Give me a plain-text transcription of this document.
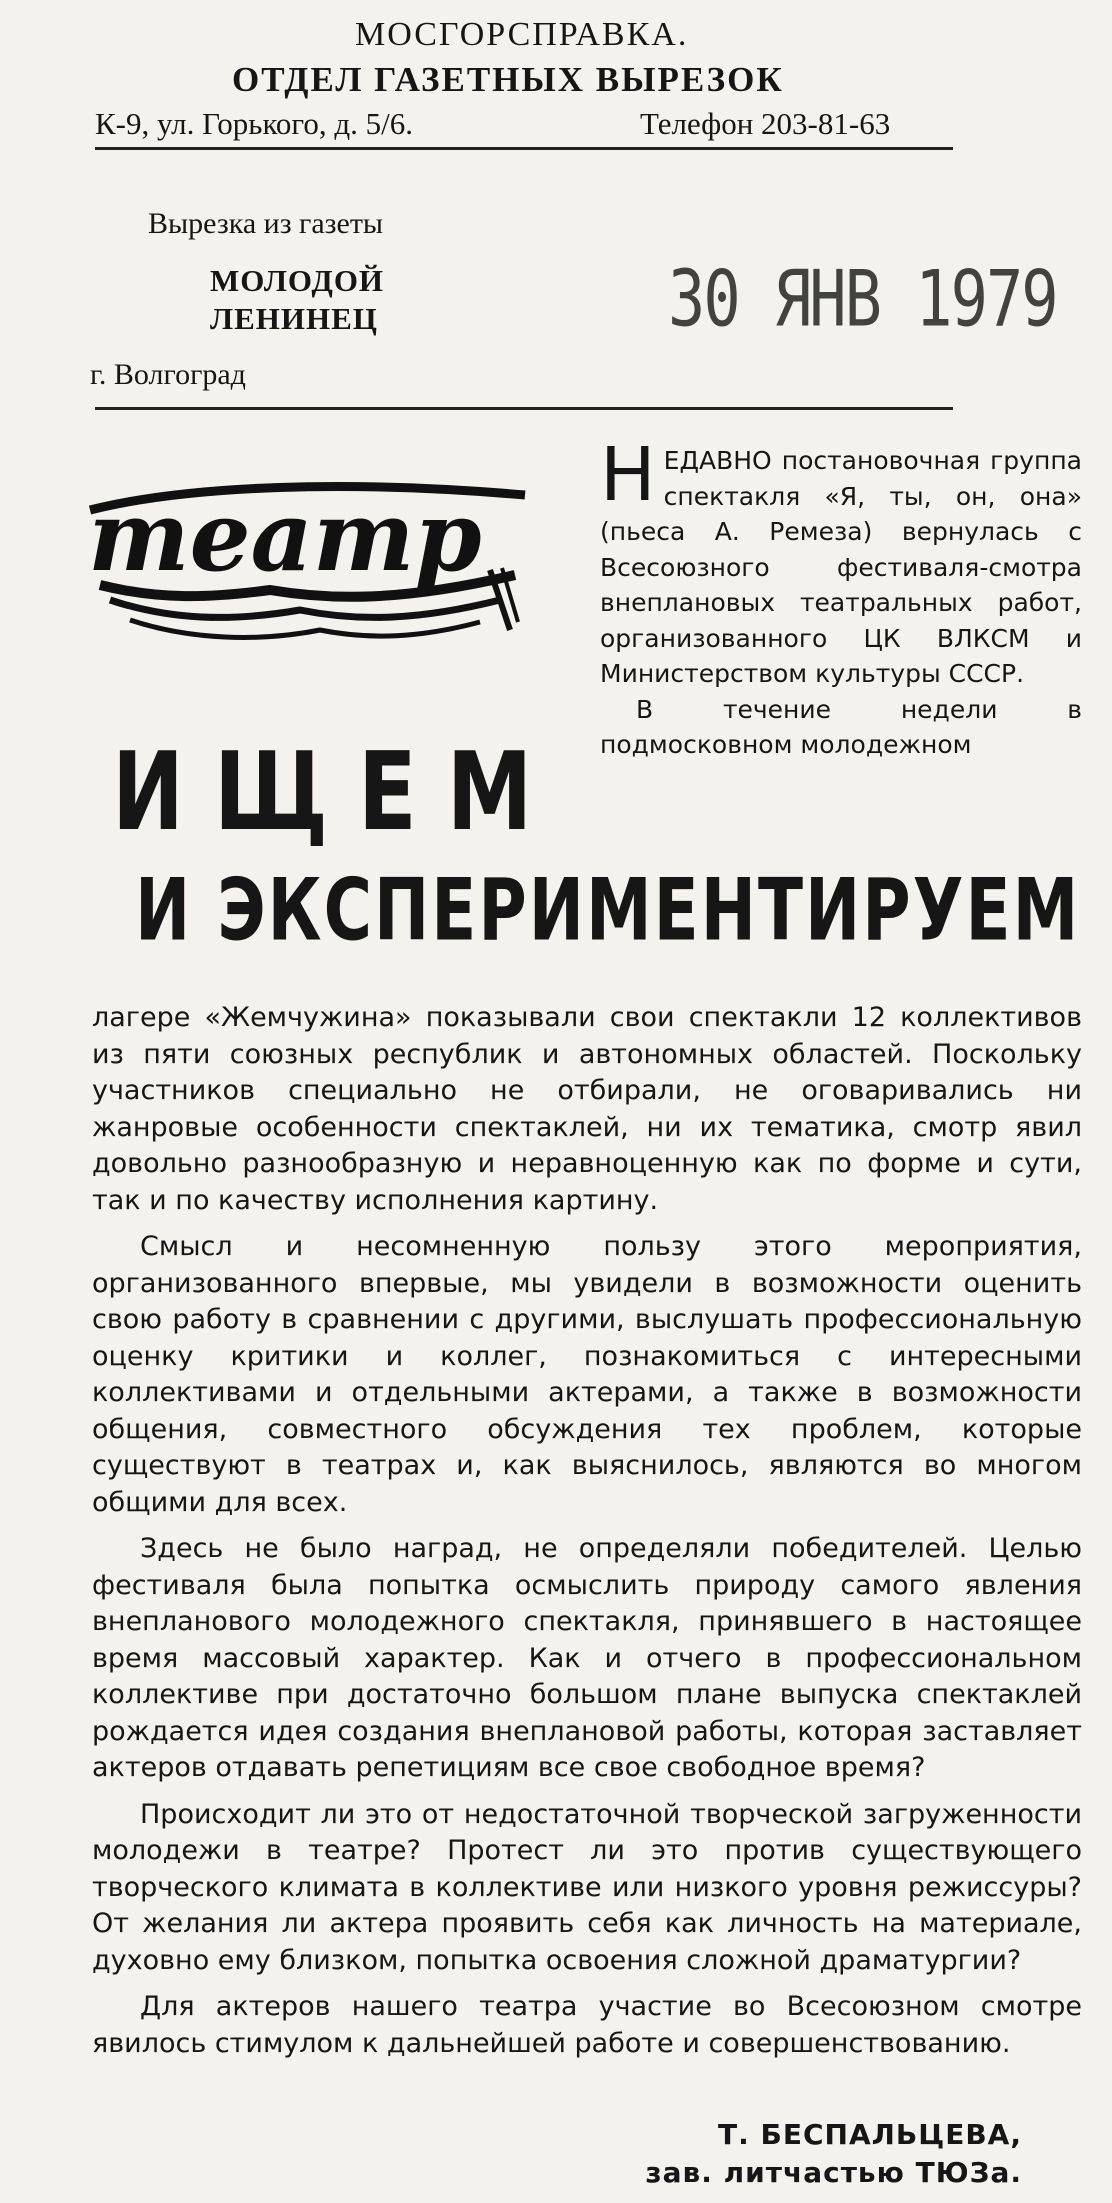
МОСГОРСПРАВКА.
ОТДЕЛ ГАЗЕТНЫХ ВЫРЕЗОК
К-9, ул. Горького, д. 5/6.	Телефон 203-81-63
Вырезка из газеты
МОЛОДОЙ
ЛЕНИНЕЦ
г. Волгоград
30 ЯНВ 1979
театр
ИЩЕМ
И ЭКСПЕРИМЕНТИРУЕМ

НЕДАВНО постановочная группа спектакля «Я, ты, он, она» (пьеса А. Ремеза) вернулась с Всесоюзного фестиваля-смотра внеплановых театральных работ, организованного ЦК ВЛКСМ и Министерством культуры СССР.

В течение недели в подмосковном молодежном

лагере «Жемчужина» показывали свои спектакли 12 коллективов из пяти союзных республик и автономных областей. Поскольку участников специально не отбирали, не оговаривались ни жанровые особенности спектаклей, ни их тематика, смотр явил довольно разнообразную и неравноценную как по форме и сути, так и по качеству исполнения картину.

Смысл и несомненную пользу этого мероприятия, организованного впервые, мы увидели в возможности оценить свою работу в сравнении с другими, выслушать профессиональную оценку критики и коллег, познакомиться с интересными коллективами и отдельными актерами, а также в возможности общения, совместного обсуждения тех проблем, которые существуют в театрах и, как выяснилось, являются во многом общими для всех.

Здесь не было наград, не определяли победителей. Целью фестиваля была попытка осмыслить природу самого явления внепланового молодежного спектакля, принявшего в настоящее время массовый характер. Как и отчего в профессиональном коллективе при достаточно большом плане выпуска спектаклей рождается идея создания внеплановой работы, которая заставляет актеров отдавать репетициям все свое свободное время?

Происходит ли это от недостаточной творческой загруженности молодежи в театре? Протест ли это против существующего творческого климата в коллективе или низкого уровня режиссуры? От желания ли актера проявить себя как личность на материале, духовно ему близком, попытка освоения сложной драматургии?

Для актеров нашего театра участие во Всесоюзном смотре явилось стимулом к дальнейшей работе и совершенствованию.

Т. БЕСПАЛЬЦЕВА,
зав. литчастью ТЮЗа.
